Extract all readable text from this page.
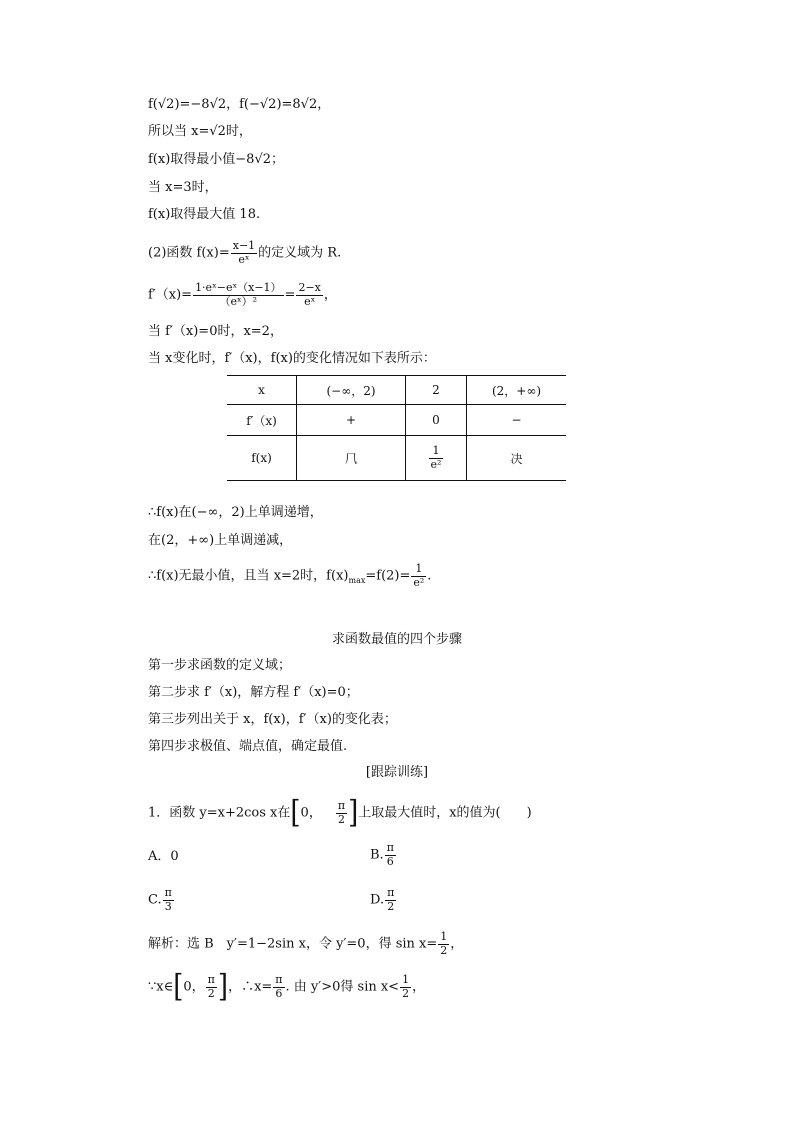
f(√2)=−8√2，f(−√2)=8√2，
所以当 x=√2时，
f(x)取得最小值−8√2；
当 x=3时，
f(x)取得最大值 18.
(2)函数 $f(x)= \frac{x-1}{\text{eˣ}}$ 的定义域为 R.
$f'(x)= \frac{\text{1·eˣ−eˣ（x−1）}}{\text{（eˣ）²}} = \frac{2-x}{\text{eˣ}}$ ，
当 f′（x)=0时，x=2，
当 x变化时，f′（x)，f(x)的变化情况如下表所示：
x	(−∞，2)	2	(2，+∞)
f′（x)	+	0	−
f(x)	⺇	$\frac{1}{\text{e²}}$	决
∴f(x)在(−∞，2)上单调递增，
在(2，+∞)上单调递减，
∴f(x)无最小值，且当 x=2时，$f(x)_{max}=f(2)= \frac{1}{\text{e²}}$ .
求函数最值的四个步骤
第一步求函数的定义域；
第二步求 f′（x)，解方程 f′（x)=0；
第三步列出关于 x，f(x)，f′（x)的变化表；
第四步求极值、端点值，确定最值.
[跟踪训练]
1．函数 y=x+2cos x在[0，  $\frac{\pi}{2}$ ]上取最大值时，x的值为(　　)
A．0	B. $\frac{\pi}{6}$
C. $\frac{\pi}{3}$	D. $\frac{\pi}{2}$
解析：选 B　y′=1−2sin x，令 y′=0，得 $\sin x= \frac{1}{2}$ ，
∵x∈[0， $\frac{\pi}{2}$ ]，∴x= $\frac{\pi}{6}$ . 由 y′>0得 $\sin x< \frac{1}{2}$ ，
